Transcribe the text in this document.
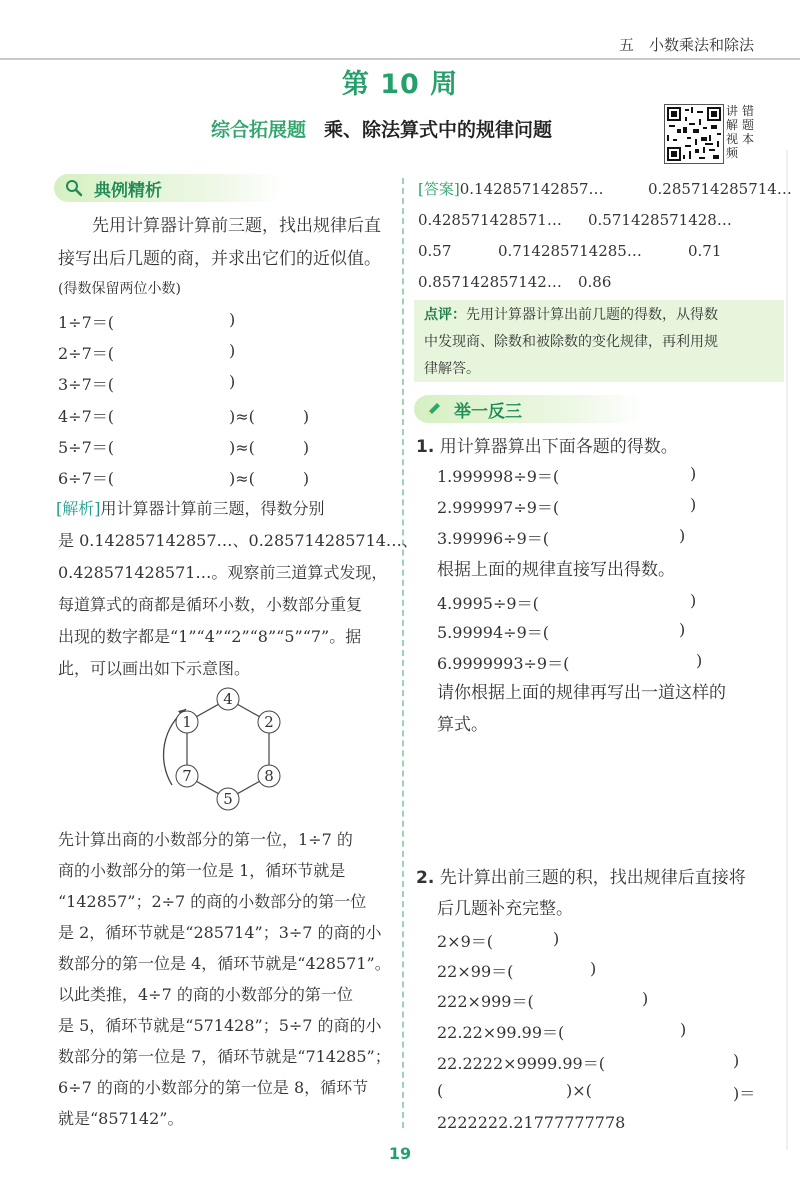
五　小数乘法和除法
第 10 周
综合拓展题 乘、除法算式中的规律问题
讲
解
视
频
错
题
本
典例精析
先用计算器计算前三题，找出规律后直
接写出后几题的商，并求出它们的近似值。
(得数保留两位小数)
1÷7＝(	)
2÷7＝(	)
3÷7＝(	)
4÷7＝(	)≈(　　　)
5÷7＝(	)≈(　　　)
6÷7＝(	)≈(　　　)
[解析]用计算器计算前三题，得数分别
是 0.142857142857…、0.285714285714…、
0.428571428571…。观察前三道算式发现，
每道算式的商都是循环小数，小数部分重复
出现的数字都是“1”“4”“2”“8”“5”“7”。据
此，可以画出如下示意图。
4
2
8
5
7
1
先计算出商的小数部分的第一位，1÷7 的
商的小数部分的第一位是 1，循环节就是
“142857”；2÷7 的商的小数部分的第一位
是 2，循环节就是“285714”；3÷7 的商的小
数部分的第一位是 4，循环节就是“428571”。
以此类推，4÷7 的商的小数部分的第一位
是 5，循环节就是“571428”；5÷7 的商的小
数部分的第一位是 7，循环节就是“714285”；
6÷7 的商的小数部分的第一位是 8，循环节
就是“857142”。
[答案]0.142857142857…	0.285714285714…
0.428571428571… 0.571428571428…
0.57	0.714285714285…	0.71
0.857142857142… 0.86
点评：先用计算器计算出前几题的得数，从得数
中发现商、除数和被除数的变化规律，再利用规
律解答。
举一反三
1. 用计算器算出下面各题的得数。
1.999998÷9＝(	)
2.999997÷9＝(	)
3.99996÷9＝(	)
根据上面的规律直接写出得数。
4.9995÷9＝(	)
5.99994÷9＝(	)
6.9999993÷9＝(	)
请你根据上面的规律再写出一道这样的
算式。
2. 先计算出前三题的积，找出规律后直接将
后几题补充完整。
2×9＝(	)
22×99＝(	)
222×999＝(	)
22.22×99.99＝(	)
22.2222×9999.99＝(	)
(	)×(	)＝
2222222.21777777778
19
